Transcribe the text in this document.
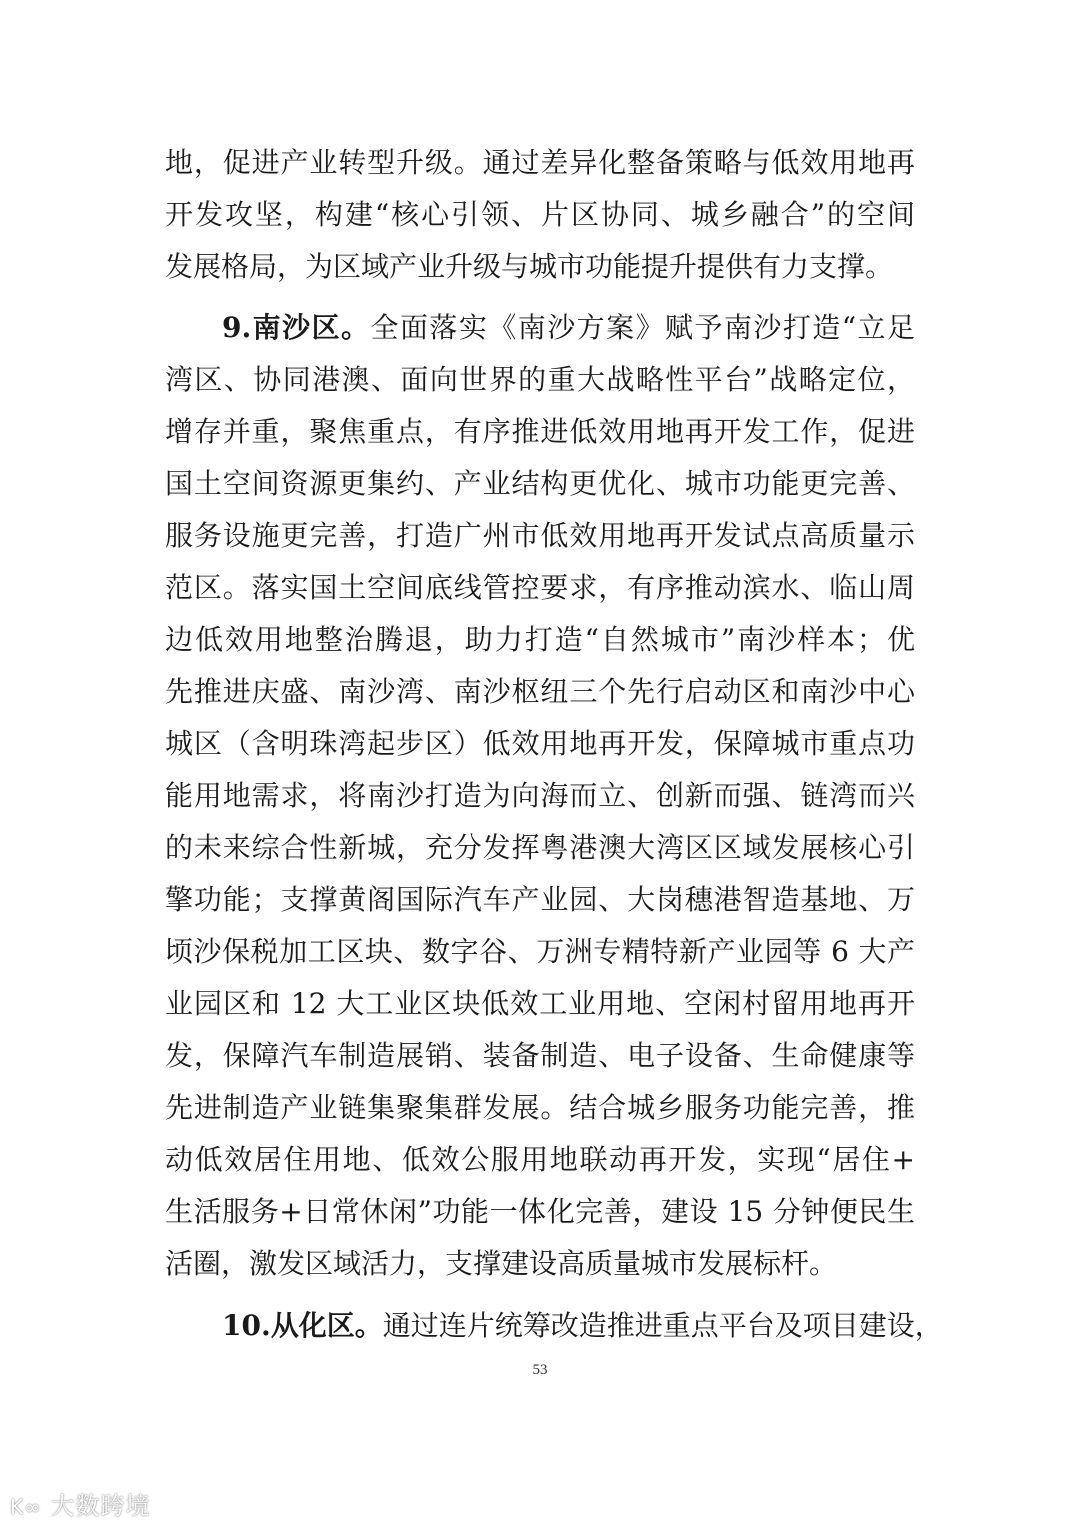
地，促进产业转型升级。通过差异化整备策略与低效用地再
开发攻坚，构建“核心引领、片区协同、城乡融合”的空间
发展格局，为区域产业升级与城市功能提升提供有力支撑。
9.南沙区。全面落实《南沙方案》赋予南沙打造“立足
湾区、协同港澳、面向世界的重大战略性平台”战略定位，
增存并重，聚焦重点，有序推进低效用地再开发工作，促进
国土空间资源更集约、产业结构更优化、城市功能更完善、
服务设施更完善，打造广州市低效用地再开发试点高质量示
范区。落实国土空间底线管控要求，有序推动滨水、临山周
边低效用地整治腾退，助力打造“自然城市”南沙样本；优
先推进庆盛、南沙湾、南沙枢纽三个先行启动区和南沙中心
城区（含明珠湾起步区）低效用地再开发，保障城市重点功
能用地需求，将南沙打造为向海而立、创新而强、链湾而兴
的未来综合性新城，充分发挥粤港澳大湾区区域发展核心引
擎功能；支撑黄阁国际汽车产业园、大岗穗港智造基地、万
顷沙保税加工区块、数字谷、万洲专精特新产业园等 6 大产
业园区和 12 大工业区块低效工业用地、空闲村留用地再开
发，保障汽车制造展销、装备制造、电子设备、生命健康等
先进制造产业链集聚集群发展。结合城乡服务功能完善，推
动低效居住用地、低效公服用地联动再开发，实现“居住+
生活服务+日常休闲”功能一体化完善，建设 15 分钟便民生
活圈，激发区域活力，支撑建设高质量城市发展标杆。
10.从化区。通过连片统筹改造推进重点平台及项目建设，
53
K∞ 大数跨境
